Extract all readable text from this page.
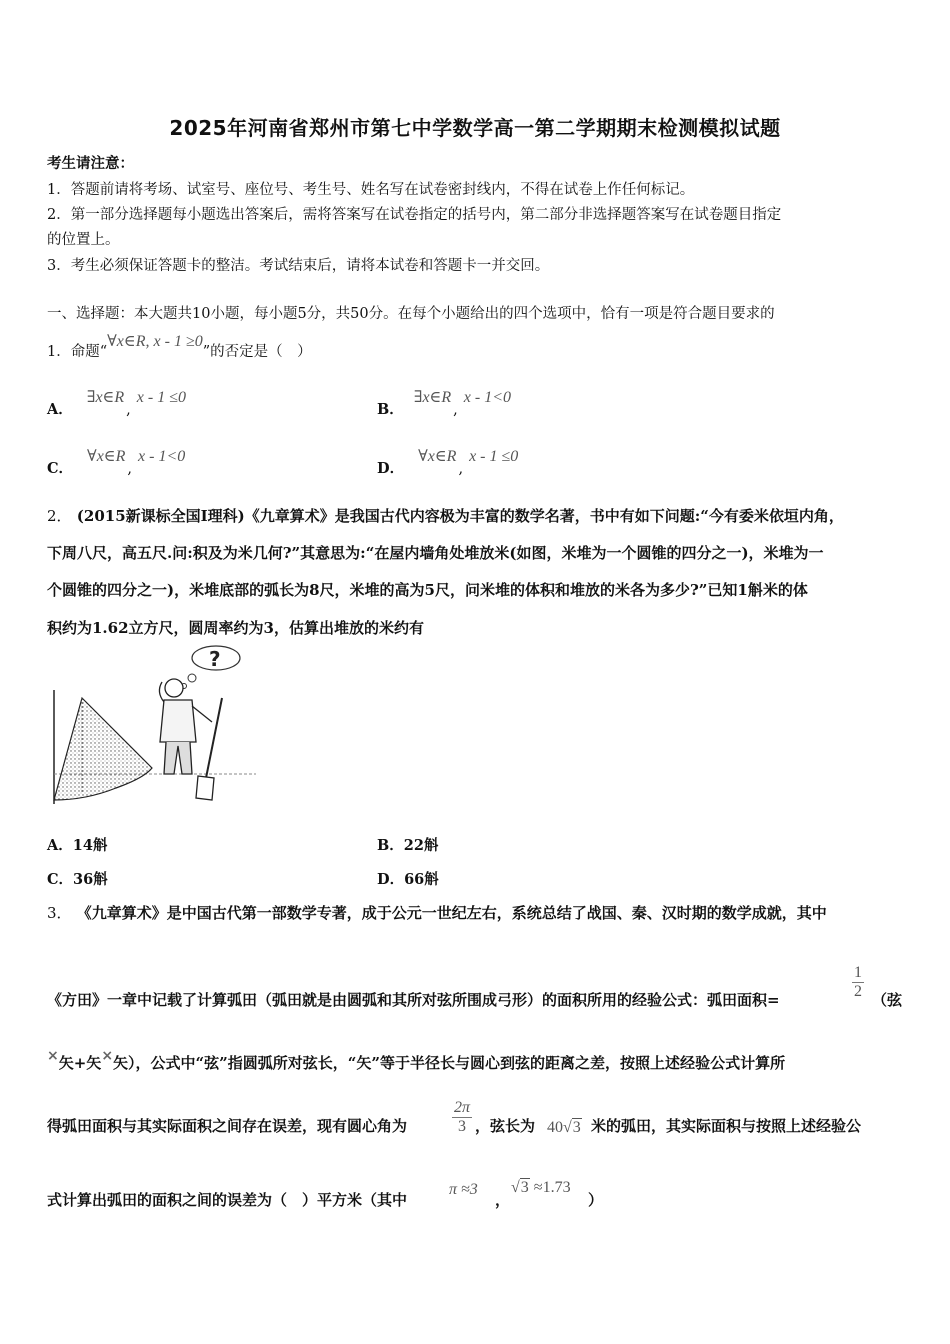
2025年河南省郑州市第七中学数学高一第二学期期末检测模拟试题
考生请注意：
1．答题前请将考场、试室号、座位号、考生号、姓名写在试卷密封线内，不得在试卷上作任何标记。
2．第一部分选择题每小题选出答案后，需将答案写在试卷指定的括号内，第二部分非选择题答案写在试卷题目指定
的位置上。
3．考生必须保证答题卡的整洁。考试结束后，请将本试卷和答题卡一并交回。
一、选择题：本大题共10小题，每小题5分，共50分。在每个小题给出的四个选项中，恰有一项是符合题目要求的
1．命题“∀x∈R, x - 1 ≥0”的否定是（　）
A．∃x∈R,x - 1 ≤0
B．∃x∈R,x - 1<0
C．∀x∈R,x - 1<0
D．∀x∈R,x - 1 ≤0
2． (2015新课标全国Ⅰ理科)《九章算术》是我国古代内容极为丰富的数学名著，书中有如下问题:“今有委米依垣内角，
下周八尺，高五尺.问:积及为米几何?”其意思为:“在屋内墙角处堆放米(如图，米堆为一个圆锥的四分之一)，米堆为一
个圆锥的四分之一)，米堆底部的弧长为8尺，米堆的高为5尺，问米堆的体积和堆放的米各为多少?”已知1斛米的体
积约为1.62立方尺，圆周率约为3，估算出堆放的米约有
?
A．14斛	B．22斛
C．36斛	D．66斛
3． 《九章算术》是中国古代第一部数学专著，成于公元一世纪左右，系统总结了战国、秦、汉时期的数学成就，其中
《方田》一章中记载了计算弧田（弧田就是由圆弧和其所对弦所围成弓形）的面积所用的经验公式：弧田面积=	$\frac{1}{2}$ （弦
×矢+矢×矢），公式中“弦”指圆弧所对弦长，“矢”等于半径长与圆心到弦的距离之差，按照上述经验公式计算所
得弧田面积与其实际面积之间存在误差，现有圆心角为	$\frac{2\pi}{3}$ ，弦长为 40√3 米的弧田，其实际面积与按照上述经验公
式计算出弧田的面积之间的误差为（　）平方米（其中
π ≈3
，
√3 ≈1.73
）
